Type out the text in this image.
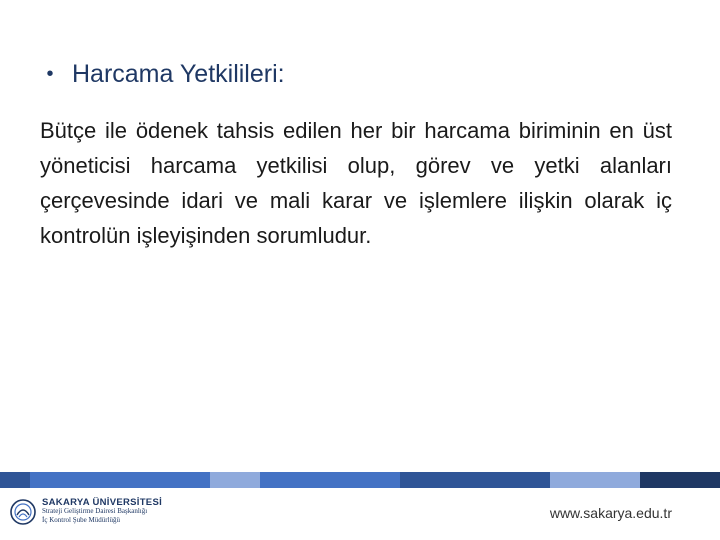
• Harcama Yetkilileri:

Bütçe ile ödenek tahsis edilen her bir harcama biriminin en üst yöneticisi harcama yetkilisi olup, görev ve yetki alanları çerçevesinde idari ve mali karar ve işlemlere ilişkin olarak iç kontrolün işleyişinden sorumludur.

SAKARYA ÜNİVERSİTESİ
Strateji Geliştirme Dairesi Başkanlığı
İç Kontrol Şube Müdürlüğü	www.sakarya.edu.tr
